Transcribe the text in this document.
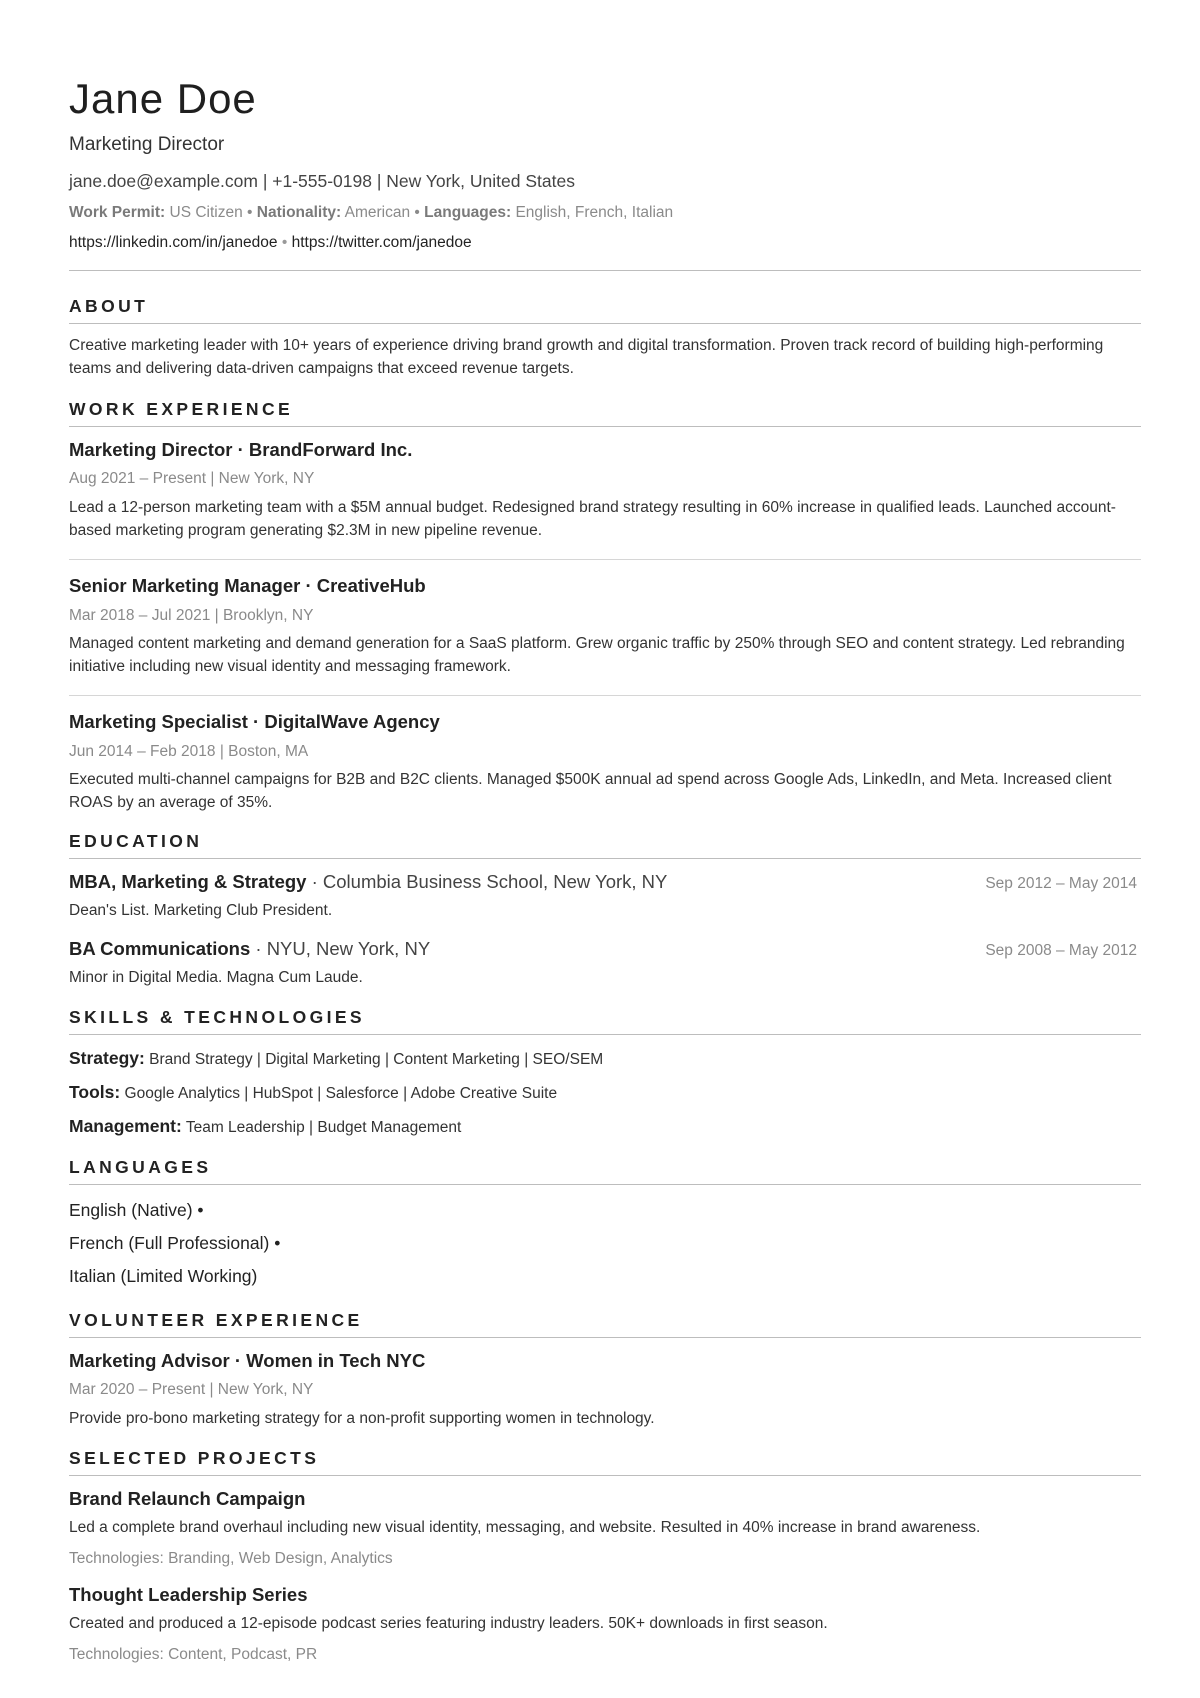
Jane Doe
Marketing Director
jane.doe@example.com | +1-555-0198 | New York, United States
Work Permit: US Citizen • Nationality: American • Languages: English, French, Italian
https://linkedin.com/in/janedoe • https://twitter.com/janedoe
ABOUT
Creative marketing leader with 10+ years of experience driving brand growth and digital transformation. Proven track record of building high-performing teams and delivering data-driven campaigns that exceed revenue targets.
WORK EXPERIENCE
Marketing Director · BrandForward Inc.
Aug 2021 – Present | New York, NY
Lead a 12-person marketing team with a $5M annual budget. Redesigned brand strategy resulting in 60% increase in qualified leads. Launched account-based marketing program generating $2.3M in new pipeline revenue.
Senior Marketing Manager · CreativeHub
Mar 2018 – Jul 2021 | Brooklyn, NY
Managed content marketing and demand generation for a SaaS platform. Grew organic traffic by 250% through SEO and content strategy. Led rebranding initiative including new visual identity and messaging framework.
Marketing Specialist · DigitalWave Agency
Jun 2014 – Feb 2018 | Boston, MA
Executed multi-channel campaigns for B2B and B2C clients. Managed $500K annual ad spend across Google Ads, LinkedIn, and Meta. Increased client ROAS by an average of 35%.
EDUCATION
MBA, Marketing & Strategy · Columbia Business School, New York, NY	Sep 2012 – May 2014
Dean's List. Marketing Club President.
BA Communications · NYU, New York, NY	Sep 2008 – May 2012
Minor in Digital Media. Magna Cum Laude.
SKILLS & TECHNOLOGIES
Strategy: Brand Strategy | Digital Marketing | Content Marketing | SEO/SEM
Tools: Google Analytics | HubSpot | Salesforce | Adobe Creative Suite
Management: Team Leadership | Budget Management
LANGUAGES
English (Native) •
French (Full Professional) •
Italian (Limited Working)
VOLUNTEER EXPERIENCE
Marketing Advisor · Women in Tech NYC
Mar 2020 – Present | New York, NY
Provide pro-bono marketing strategy for a non-profit supporting women in technology.
SELECTED PROJECTS
Brand Relaunch Campaign
Led a complete brand overhaul including new visual identity, messaging, and website. Resulted in 40% increase in brand awareness.
Technologies: Branding, Web Design, Analytics
Thought Leadership Series
Created and produced a 12-episode podcast series featuring industry leaders. 50K+ downloads in first season.
Technologies: Content, Podcast, PR
